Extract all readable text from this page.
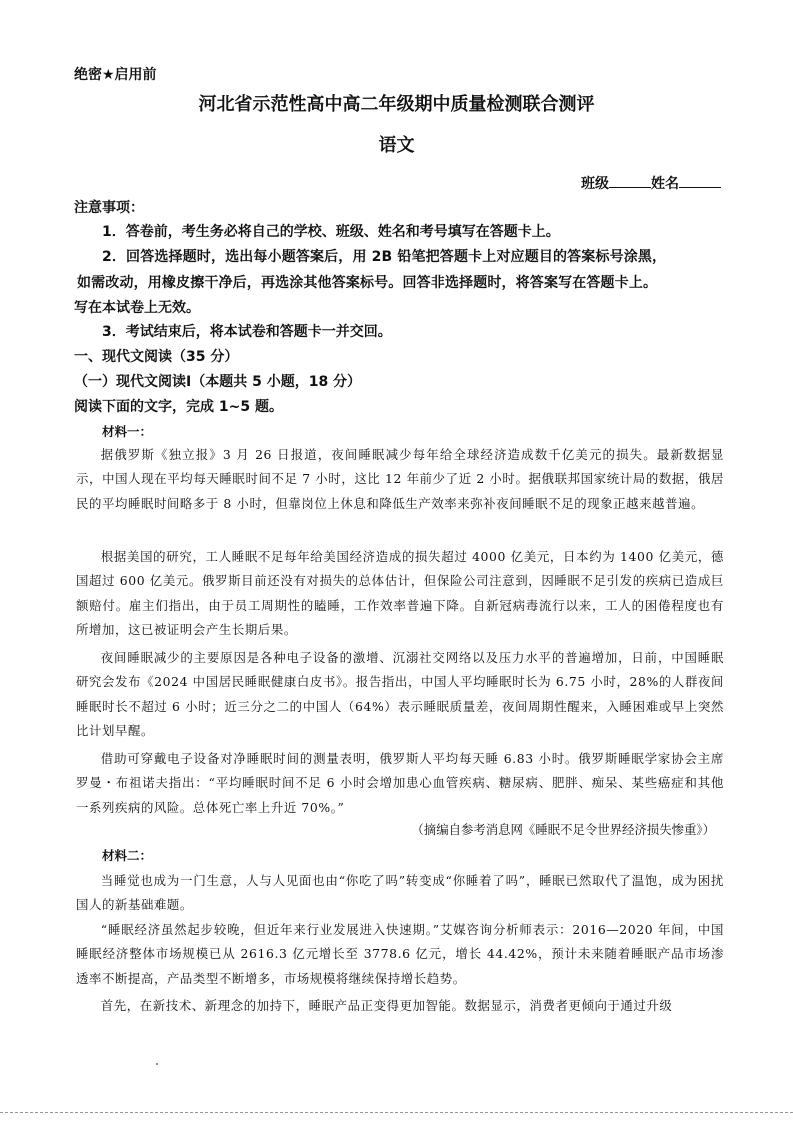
绝密★启用前
河北省示范性高中高二年级期中质量检测联合测评
语文
班级	姓名
注意事项：
1．答卷前，考生务必将自己的学校、班级、姓名和考号填写在答题卡上。
2．回答选择题时，选出每小题答案后，用 2B 铅笔把答题卡上对应题目的答案标号涂黑，
如需改动，用橡皮擦干净后，再选涂其他答案标号。回答非选择题时，将答案写在答题卡上。
写在本试卷上无效。
3．考试结束后，将本试卷和答题卡一并交回。
一、现代文阅读（35 分）
（一）现代文阅读Ⅰ（本题共 5 小题，18 分）
阅读下面的文字，完成 1~5 题。
材料一：

据俄罗斯《独立报》3 月 26 日报道，夜间睡眠减少每年给全球经济造成数千亿美元的损失。最新数据显示，中国人现在平均每天睡眠时间不足 7 小时，这比 12 年前少了近 2 小时。据俄联邦国家统计局的数据，俄居民的平均睡眠时间略多于 8 小时，但靠岗位上休息和降低生产效率来弥补夜间睡眠不足的现象正越来越普遍。

根据美国的研究，工人睡眠不足每年给美国经济造成的损失超过 4000 亿美元，日本约为 1400 亿美元，德国超过 600 亿美元。俄罗斯目前还没有对损失的总体估计，但保险公司注意到，因睡眠不足引发的疾病已造成巨额赔付。雇主们指出，由于员工周期性的瞌睡，工作效率普遍下降。自新冠病毒流行以来，工人的困倦程度也有所增加，这已被证明会产生长期后果。

夜间睡眠减少的主要原因是各种电子设备的激增、沉溺社交网络以及压力水平的普遍增加，日前，中国睡眠研究会发布《2024 中国居民睡眠健康白皮书》。报告指出，中国人平均睡眠时长为 6.75 小时，28%的人群夜间睡眠时长不超过 6 小时；近三分之二的中国人（64%）表示睡眠质量差，夜间周期性醒来，入睡困难或早上突然比计划早醒。

借助可穿戴电子设备对净睡眠时间的测量表明，俄罗斯人平均每天睡 6.83 小时。俄罗斯睡眠学家协会主席罗曼・布祖诺夫指出：“平均睡眠时间不足 6 小时会增加患心血管疾病、糖尿病、肥胖、痴呆、某些癌症和其他一系列疾病的风险。总体死亡率上升近 70%。”

（摘编自参考消息网《睡眠不足令世界经济损失惨重》）
材料二：

当睡觉也成为一门生意，人与人见面也由“你吃了吗”转变成“你睡着了吗”，睡眠已然取代了温饱，成为困扰国人的新基础难题。

“睡眠经济虽然起步较晚，但近年来行业发展进入快速期。”艾媒咨询分析师表示：2016—2020 年间，中国睡眠经济整体市场规模已从 2616.3 亿元增长至 3778.6 亿元，增长 44.42%，预计未来随着睡眠产品市场渗透率不断提高，产品类型不断增多，市场规模将继续保持增长趋势。

首先，在新技术、新理念的加持下，睡眠产品正变得更加智能。数据显示，消费者更倾向于通过升级
